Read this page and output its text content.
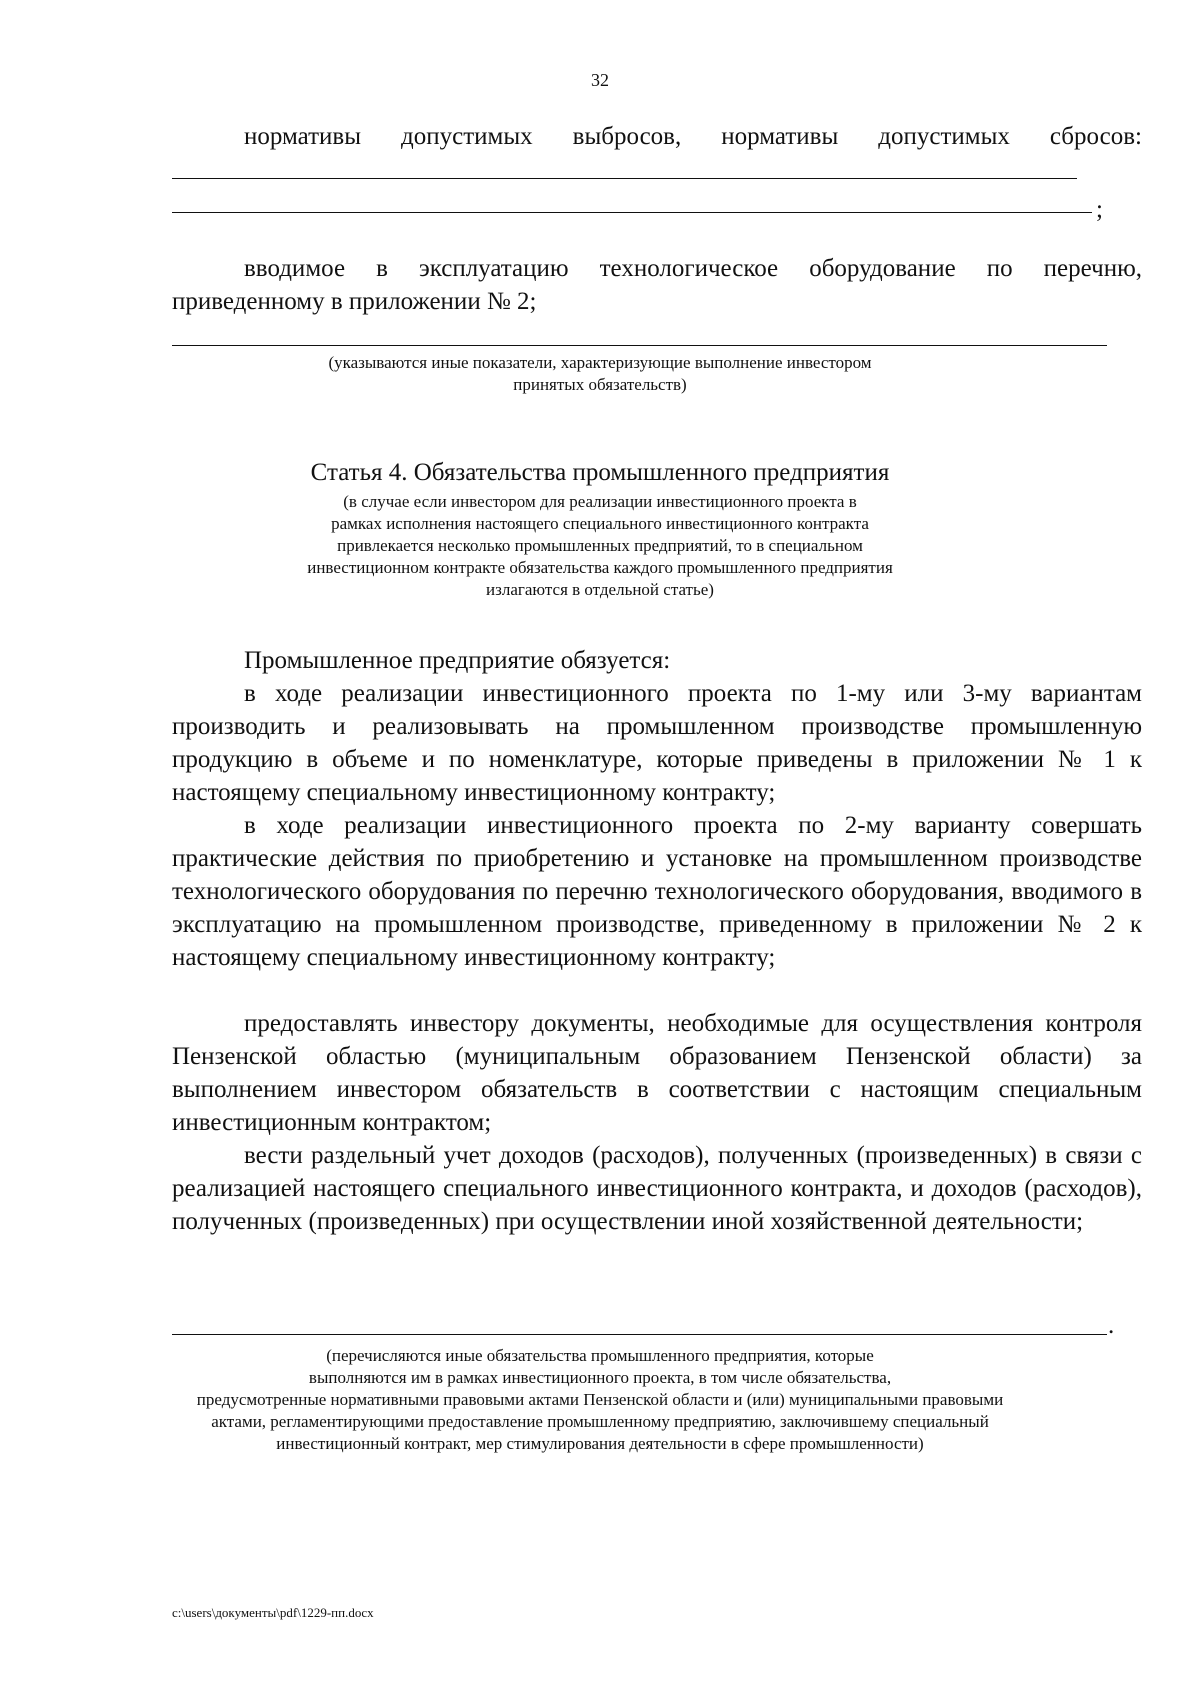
32
нормативы допустимых выбросов, нормативы допустимых сбросов:
;
вводимое в эксплуатацию технологическое оборудование по перечню, приведенному в приложении № 2;
(указываются иные показатели, характеризующие выполнение инвестором
принятых обязательств)
Статья 4. Обязательства промышленного предприятия
(в случае если инвестором для реализации инвестиционного проекта в
рамках исполнения настоящего специального инвестиционного контракта
привлекается несколько промышленных предприятий, то в специальном
инвестиционном контракте обязательства каждого промышленного предприятия
излагаются в отдельной статье)
Промышленное предприятие обязуется:
в ходе реализации инвестиционного проекта по 1-му или 3-му вариантам производить и реализовывать на промышленном производстве промышленную продукцию в объеме и по номенклатуре, которые приведены в приложении № 1 к настоящему специальному инвестиционному контракту;
в ходе реализации инвестиционного проекта по 2-му варианту совершать практические действия по приобретению и установке на промышленном производстве технологического оборудования по перечню технологического оборудования, вводимого в эксплуатацию на промышленном производстве, приведенному в приложении № 2 к настоящему специальному инвестиционному контракту;
предоставлять инвестору документы, необходимые для осуществления контроля Пензенской областью (муниципальным образованием Пензенской области) за выполнением инвестором обязательств в соответствии с настоящим специальным инвестиционным контрактом;
вести раздельный учет доходов (расходов), полученных (произведенных) в связи с реализацией настоящего специального инвестиционного контракта, и доходов (расходов), полученных (произведенных) при осуществлении иной хозяйственной деятельности;
.
(перечисляются иные обязательства промышленного предприятия, которые
выполняются им в рамках инвестиционного проекта, в том числе обязательства,
предусмотренные нормативными правовыми актами Пензенской области и (или) муниципальными правовыми
актами, регламентирующими предоставление промышленному предприятию, заключившему специальный
инвестиционный контракт, мер стимулирования деятельности в сфере промышленности)
c:\users\документы\pdf\1229-пп.docx
